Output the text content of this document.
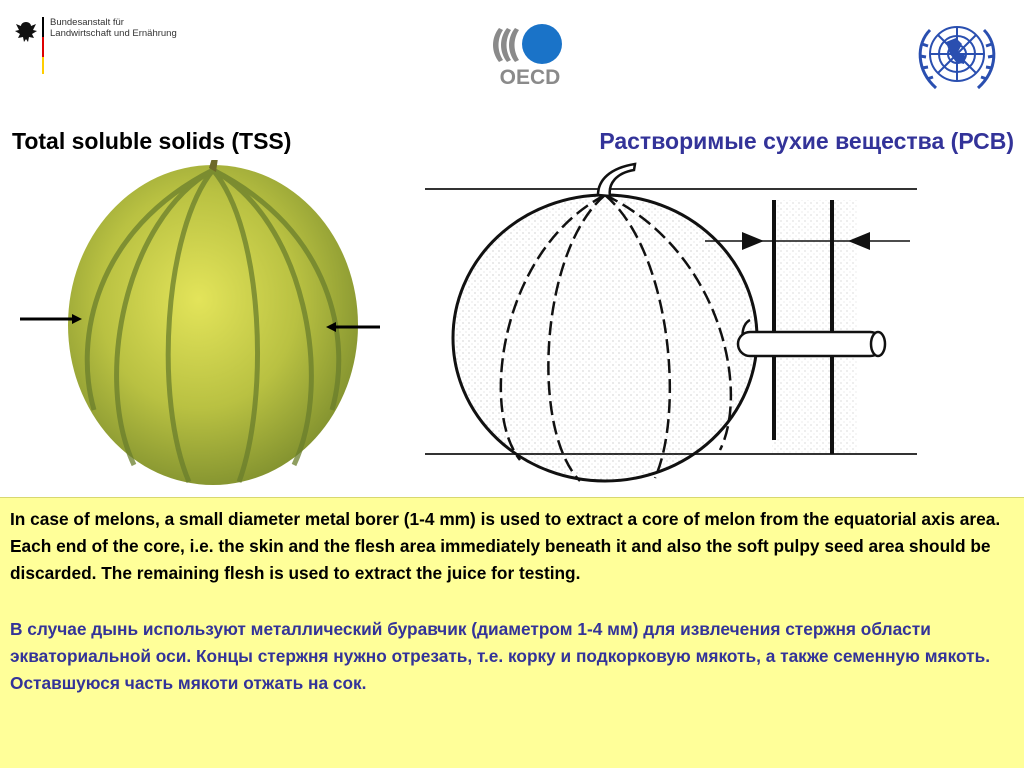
Bundesanstalt für
Landwirtschaft und Ernährung
OECD
Total soluble solids (TSS)	Растворимые сухие вещества (РСВ)

In case of melons, a small diameter metal borer (1-4 mm) is used to extract a core of melon from the equatorial axis area. Each end of the core, i.e. the skin and the flesh area immediately beneath it and also the soft pulpy seed area should be discarded. The remaining flesh is used to extract the juice for testing.

В случае дынь используют металлический буравчик (диаметром 1-4 мм) для извлечения стержня области экваториальной оси. Концы стержня нужно отрезать, т.е. корку и подкорковую мякоть, а также семенную мякоть. Оставшуюся часть мякоти отжать на сок.
